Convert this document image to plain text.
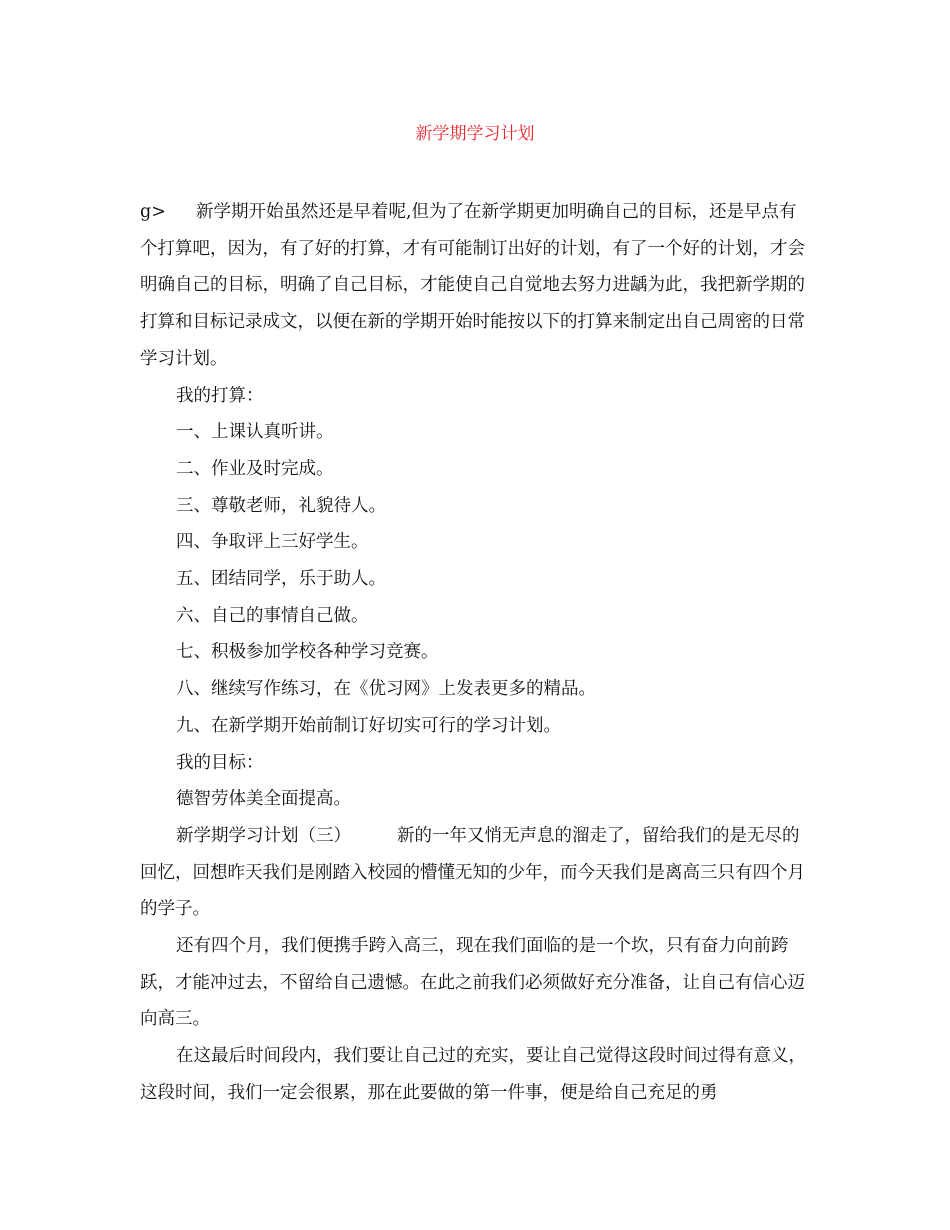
新学期学习计划

g> 新学期开始虽然还是早着呢,但为了在新学期更加明确自己的目标，还是早点有个打算吧，因为，有了好的打算，才有可能制订出好的计划，有了一个好的计划，才会明确自己的目标，明确了自己目标，才能使自己自觉地去努力进龋为此，我把新学期的打算和目标记录成文，以便在新的学期开始时能按以下的打算来制定出自己周密的日常学习计划。

我的打算：

一、上课认真听讲。

二、作业及时完成。

三、尊敬老师，礼貌待人。

四、争取评上三好学生。

五、团结同学，乐于助人。

六、自己的事情自己做。

七、积极参加学校各种学习竞赛。

八、继续写作练习，在《优习网》上发表更多的精品。

九、在新学期开始前制订好切实可行的学习计划。

我的目标：

德智劳体美全面提高。

新学期学习计划（三）	新的一年又悄无声息的溜走了，留给我们的是无尽的回忆，回想昨天我们是刚踏入校园的懵懂无知的少年，而今天我们是离高三只有四个月的学子。

还有四个月，我们便携手跨入高三，现在我们面临的是一个坎，只有奋力向前跨跃，才能冲过去，不留给自己遗憾。在此之前我们必须做好充分准备，让自己有信心迈向高三。

在这最后时间段内，我们要让自己过的充实，要让自己觉得这段时间过得有意义，这段时间，我们一定会很累，那在此要做的第一件事，便是给自己充足的勇
